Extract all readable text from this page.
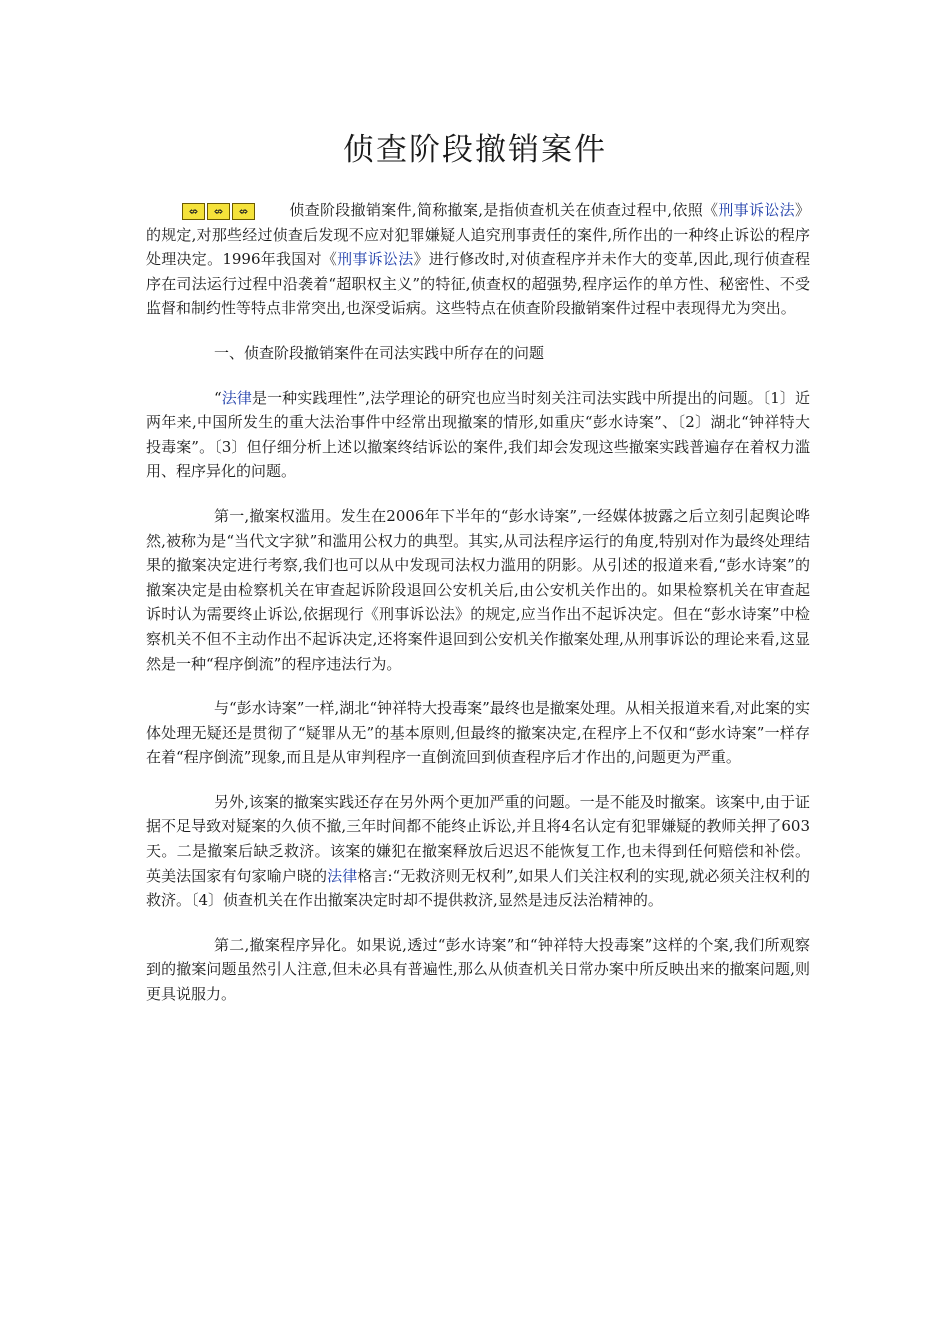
侦查阶段撤销案件

⇎	⇎	⇎	侦查阶段撤销案件,简称撤案,是指侦查机关在侦查过程中,依照《刑事诉讼法》的规定,对那些经过侦查后发现不应对犯罪嫌疑人追究刑事责任的案件,所作出的一种终止诉讼的程序处理决定。1996年我国对《刑事诉讼法》进行修改时,对侦查程序并未作大的变革,因此,现行侦查程序在司法运行过程中沿袭着“超职权主义”的特征,侦查权的超强势,程序运作的单方性、秘密性、不受监督和制约性等特点非常突出,也深受诟病。这些特点在侦查阶段撤销案件过程中表现得尤为突出。

一、侦查阶段撤销案件在司法实践中所存在的问题

“法律是一种实践理性”,法学理论的研究也应当时刻关注司法实践中所提出的问题。〔1〕近两年来,中国所发生的重大法治事件中经常出现撤案的情形,如重庆“彭水诗案”、〔2〕湖北“钟祥特大投毒案”。〔3〕但仔细分析上述以撤案终结诉讼的案件,我们却会发现这些撤案实践普遍存在着权力滥用、程序异化的问题。

第一,撤案权滥用。发生在2006年下半年的“彭水诗案”,一经媒体披露之后立刻引起舆论哗然,被称为是“当代文字狱”和滥用公权力的典型。其实,从司法程序运行的角度,特别对作为最终处理结果的撤案决定进行考察,我们也可以从中发现司法权力滥用的阴影。从引述的报道来看,“彭水诗案”的撤案决定是由检察机关在审查起诉阶段退回公安机关后,由公安机关作出的。如果检察机关在审查起诉时认为需要终止诉讼,依据现行《刑事诉讼法》的规定,应当作出不起诉决定。但在“彭水诗案”中检察机关不但不主动作出不起诉决定,还将案件退回到公安机关作撤案处理,从刑事诉讼的理论来看,这显然是一种“程序倒流”的程序违法行为。

与“彭水诗案”一样,湖北“钟祥特大投毒案”最终也是撤案处理。从相关报道来看,对此案的实体处理无疑还是贯彻了“疑罪从无”的基本原则,但最终的撤案决定,在程序上不仅和“彭水诗案”一样存在着“程序倒流”现象,而且是从审判程序一直倒流回到侦查程序后才作出的,问题更为严重。

另外,该案的撤案实践还存在另外两个更加严重的问题。一是不能及时撤案。该案中,由于证据不足导致对疑案的久侦不撤,三年时间都不能终止诉讼,并且将4名认定有犯罪嫌疑的教师关押了603天。二是撤案后缺乏救济。该案的嫌犯在撤案释放后迟迟不能恢复工作,也未得到任何赔偿和补偿。英美法国家有句家喻户晓的法律格言:“无救济则无权利”,如果人们关注权利的实现,就必须关注权利的救济。〔4〕侦查机关在作出撤案决定时却不提供救济,显然是违反法治精神的。

第二,撤案程序异化。如果说,透过“彭水诗案”和“钟祥特大投毒案”这样的个案,我们所观察到的撤案问题虽然引人注意,但未必具有普遍性,那么从侦查机关日常办案中所反映出来的撤案问题,则更具说服力。
